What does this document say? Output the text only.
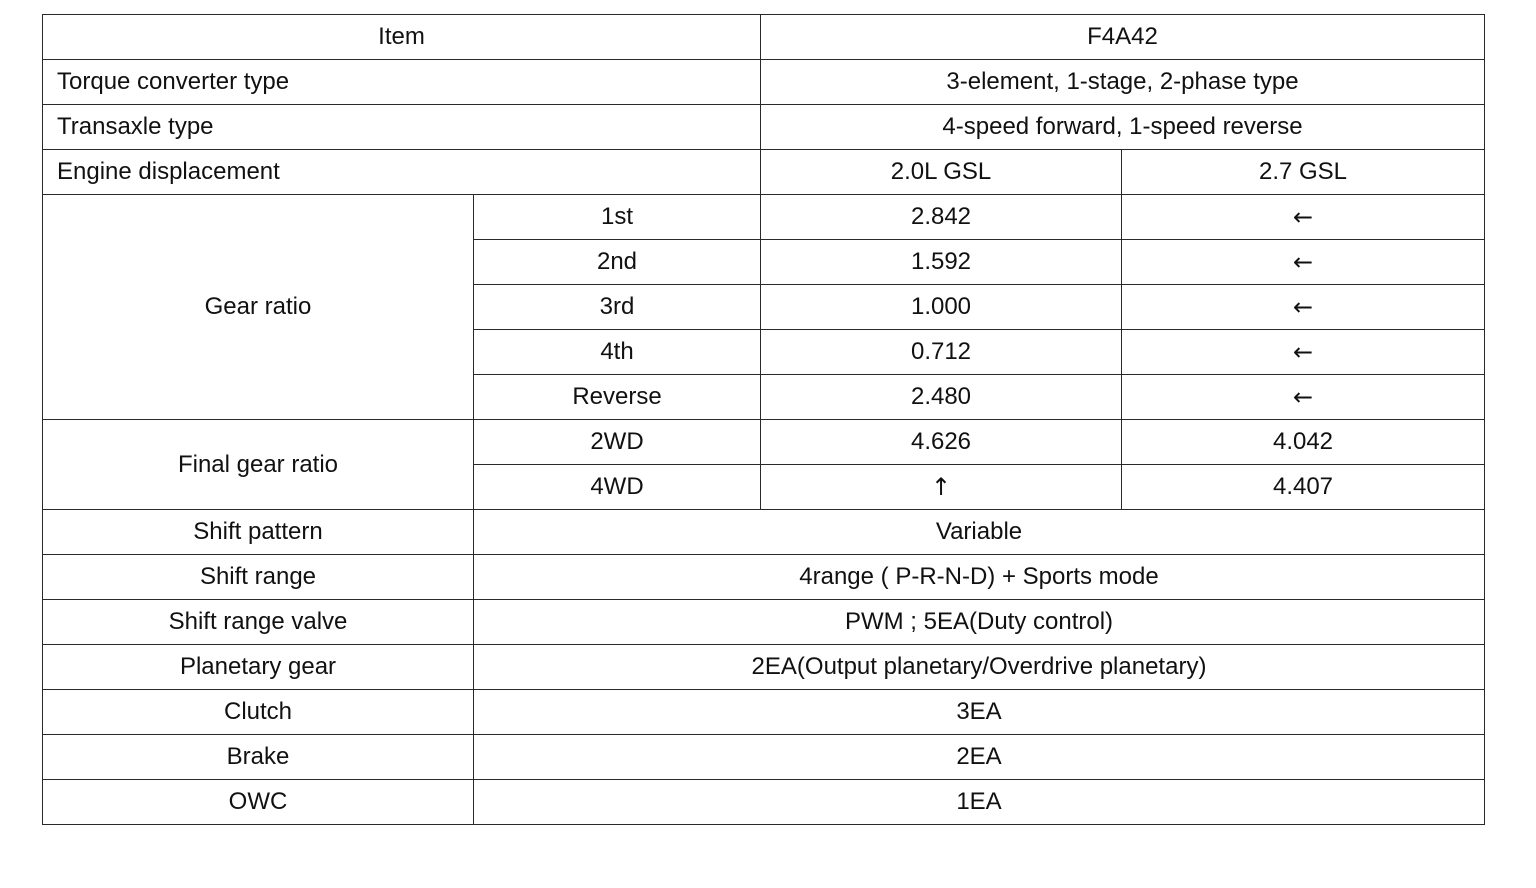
Item		F4A42	
Torque converter type		3-element, 1-stage, 2-phase type	
Transaxle type		4-speed forward, 1-speed reverse	
Engine displacement		2.0L GSL	2.7 GSL
Gear ratio	1st	2.842	←
	2nd	1.592	←
	3rd	1.000	←
	4th	0.712	←
	Reverse	2.480	←
Final gear ratio	2WD	4.626	4.042
	4WD	↑	4.407
Shift pattern	Variable		
Shift range	4range ( P-R-N-D) + Sports mode		
Shift range valve	PWM ; 5EA(Duty control)		
Planetary gear	2EA(Output planetary/Overdrive planetary)		
Clutch	3EA		
Brake	2EA		
OWC	1EA		
